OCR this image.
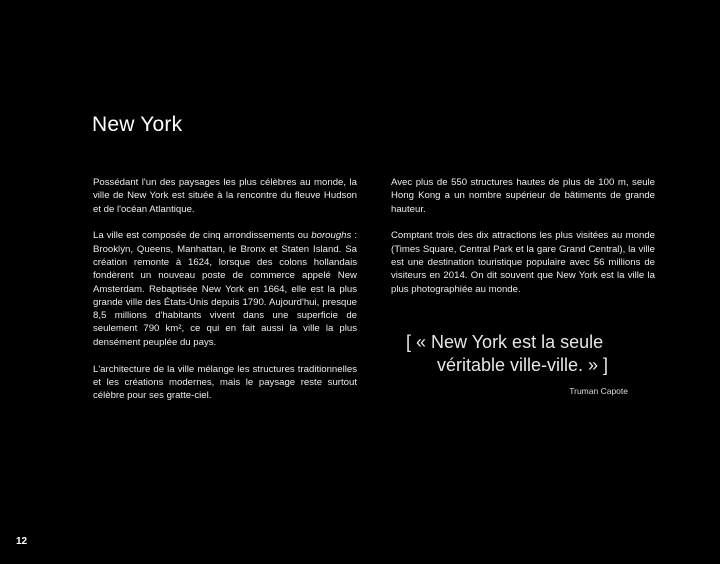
New York

Possédant l'un des paysages les plus célèbres au monde, la ville de New York est située à la rencontre du fleuve Hudson et de l'océan Atlantique.

La ville est composée de cinq arrondissements ou boroughs : Brooklyn, Queens, Manhattan, le Bronx et Staten Island. Sa création remonte à 1624, lorsque des colons hollandais fondèrent un nouveau poste de commerce appelé New Amsterdam. Rebaptisée New York en 1664, elle est la plus grande ville des États-Unis depuis 1790. Aujourd'hui, presque 8,5 millions d'habitants vivent dans une superficie de seulement 790 km², ce qui en fait aussi la ville la plus densément peuplée du pays.

L'architecture de la ville mélange les structures traditionnelles et les créations modernes, mais le paysage reste surtout célèbre pour ses gratte-ciel.

Avec plus de 550 structures hautes de plus de 100 m, seule Hong Kong a un nombre supérieur de bâtiments de grande hauteur.

Comptant trois des dix attractions les plus visitées au monde (Times Square, Central Park et la gare Grand Central), la ville est une destination touristique populaire avec 56 millions de visiteurs en 2014. On dit souvent que New York est la ville la plus photographiée au monde.

[ « New York est la seule
véritable ville-ville. » ]
Truman Capote
12
